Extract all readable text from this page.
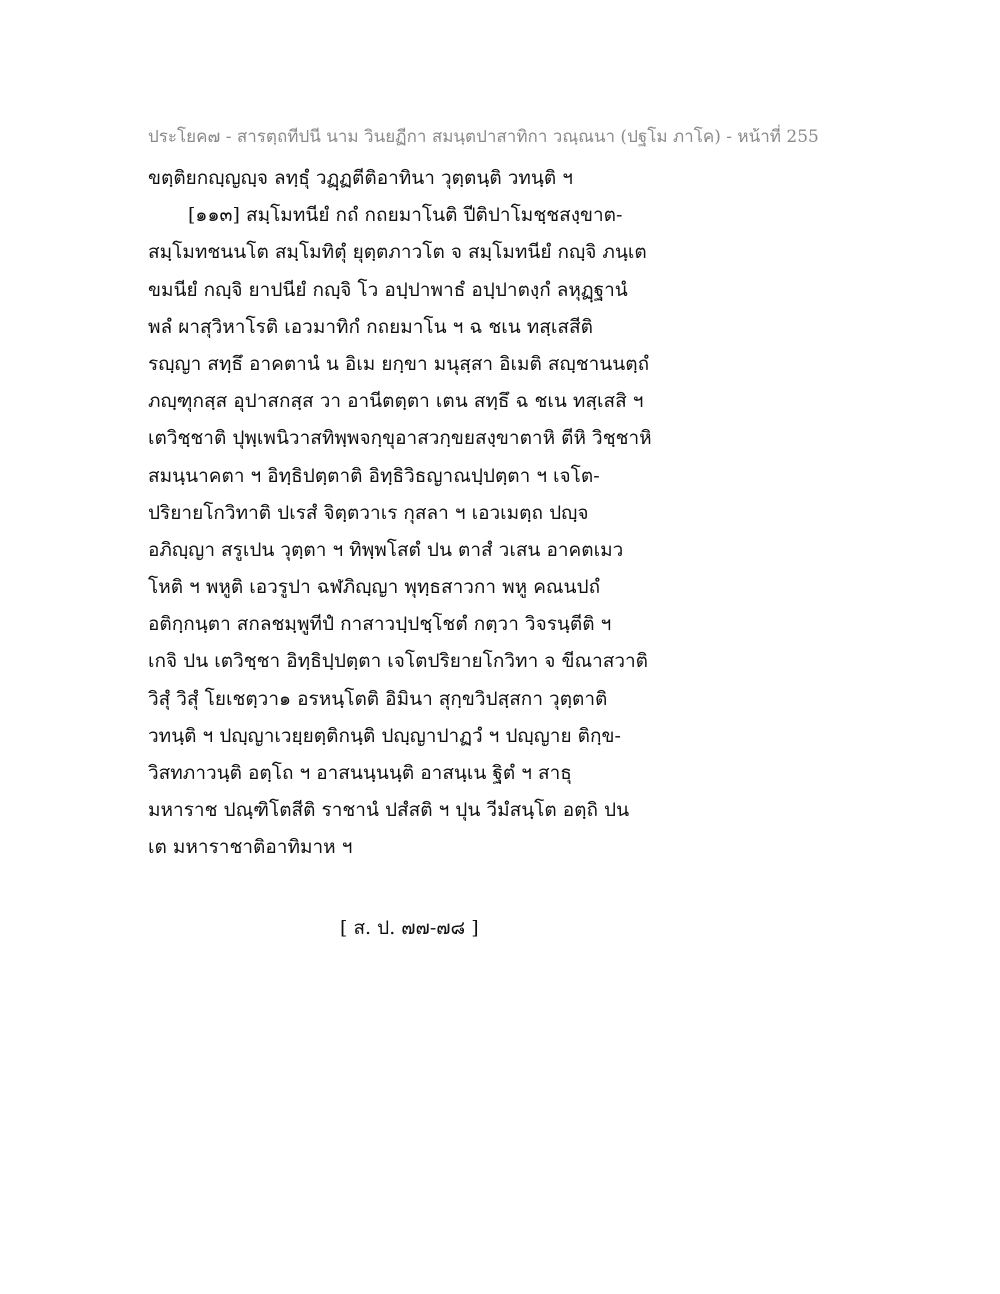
ประโยค๗ - สารตฺถทีปนี นาม วินยฏีกา สมนฺตปาสาทิกา วณฺณนา (ปฐโม ภาโค) - หน้าที่ 255
ขตฺติยกญฺญญฺจ ลทฺธุํ วฏฺฏตีติอาทินา วุตฺตนฺติ วทนฺติ ฯ
[๑๑๓] สมฺโมทนียํ กถํ กถยมาโนติ ปีติปาโมชฺชสงฺขาต-
สมฺโมทชนนโต สมฺโมทิตุํ ยุตฺตภาวโต จ สมฺโมทนียํ กญฺจิ ภนฺเต
ขมนียํ กญฺจิ ยาปนียํ กญฺจิ โว อปฺปาพาธํ อปฺปาตงฺกํ ลหุฏฺฐานํ
พลํ ผาสุวิหาโรติ เอวมาทิกํ กถยมาโน ฯ ฉ ชเน ทสฺเสสีติ
รญฺญา สทฺธึ อาคตานํ น อิเม ยกฺขา มนุสฺสา อิเมติ สญฺชานนตฺถํ
ภญฺฑุกสฺส อุปาสกสฺส วา อานีตตฺตา เตน สทฺธึ ฉ ชเน ทสฺเสสิ ฯ
เตวิชฺชาติ ปุพฺเพนิวาสทิพฺพจกฺขุอาสวกฺขยสงฺขาตาหิ ตีหิ วิชฺชาหิ
สมนฺนาคตา ฯ อิทฺธิปตฺตาติ อิทฺธิวิธญาณปฺปตฺตา ฯ เจโต-
ปริยายโกวิทาติ ปเรสํ จิตฺตวาเร กุสลา ฯ เอวเมตฺถ ปญฺจ
อภิญฺญา สรูเปน วุตฺตา ฯ ทิพฺพโสตํ ปน ตาสํ วเสน อาคตเมว
โหติ ฯ พหูติ เอวรูปา ฉฬภิญฺญา พุทฺธสาวกา พหู คณนปถํ
อติกฺกนฺตา สกลชมฺพูทีปํ กาสาวปฺปชฺโชตํ กตฺวา วิจรนฺตีติ ฯ
เกจิ ปน เตวิชฺชา อิทฺธิปฺปตฺตา เจโตปริยายโกวิทา จ ขีณาสวาติ
วิสุํ วิสุํ โยเชตฺวา๑ อรหนฺโตติ อิมินา สุกฺขวิปสฺสกา วุตฺตาติ
วทนฺติ ฯ ปญฺญาเวยฺยตฺติกนฺติ ปญฺญาปาฏวํ ฯ ปญฺญาย ติกฺข-
วิสทภาวนฺติ อตฺโถ ฯ อาสนนฺนนฺติ อาสนฺเน ฐิตํ ฯ สาธุ
มหาราช ปณฺฑิโตสีติ ราชานํ ปสํสติ ฯ ปุน วีมํสนฺโต อตฺถิ ปน
เต มหาราชาติอาทิมาห ฯ
[ ส. ป. ๗๗-๗๘ ]
